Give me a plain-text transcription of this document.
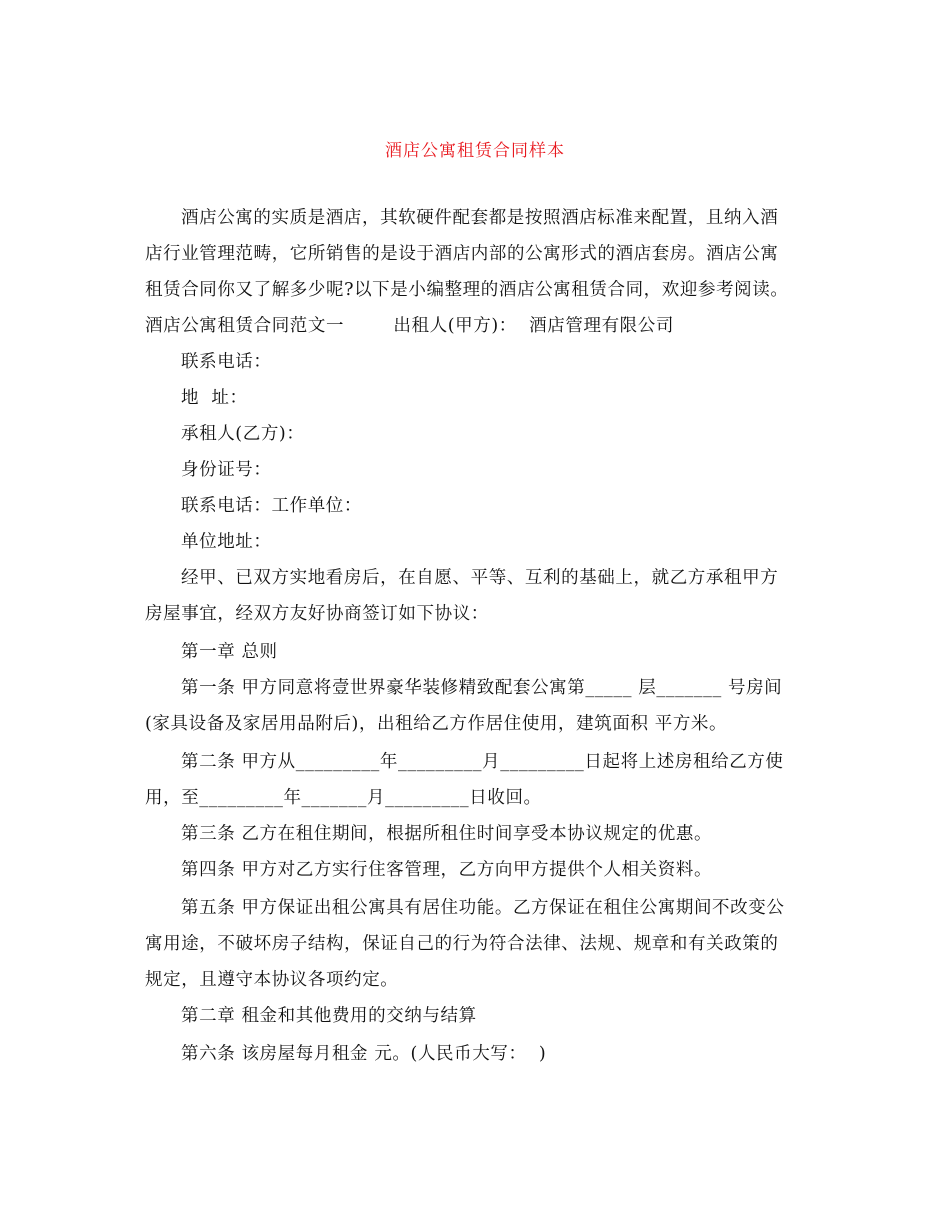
酒店公寓租赁合同样本
酒店公寓的实质是酒店，其软硬件配套都是按照酒店标准来配置，且纳入酒
店行业管理范畴，它所销售的是设于酒店内部的公寓形式的酒店套房。酒店公寓
租赁合同你又了解多少呢?以下是小编整理的酒店公寓租赁合同，欢迎参考阅读。
酒店公寓租赁合同范文一        出租人(甲方)：  酒店管理有限公司
联系电话：
地  址：
承租人(乙方)：
身份证号：
联系电话：工作单位：
单位地址：
经甲、已双方实地看房后，在自愿、平等、互利的基础上，就乙方承租甲方
房屋事宜，经双方友好协商签订如下协议：
第一章 总则
第一条 甲方同意将壹世界豪华装修精致配套公寓第_____ 层_______ 号房间
(家具设备及家居用品附后)，出租给乙方作居住使用，建筑面积 平方米。
第二条 甲方从_________年_________月_________日起将上述房租给乙方使
用，至_________年_______月_________日收回。
第三条 乙方在租住期间，根据所租住时间享受本协议规定的优惠。
第四条 甲方对乙方实行住客管理，乙方向甲方提供个人相关资料。
第五条 甲方保证出租公寓具有居住功能。乙方保证在租住公寓期间不改变公
寓用途，不破坏房子结构，保证自己的行为符合法律、法规、规章和有关政策的
规定，且遵守本协议各项约定。
第二章 租金和其他费用的交纳与结算
第六条 该房屋每月租金 元。(人民币大写：  )
